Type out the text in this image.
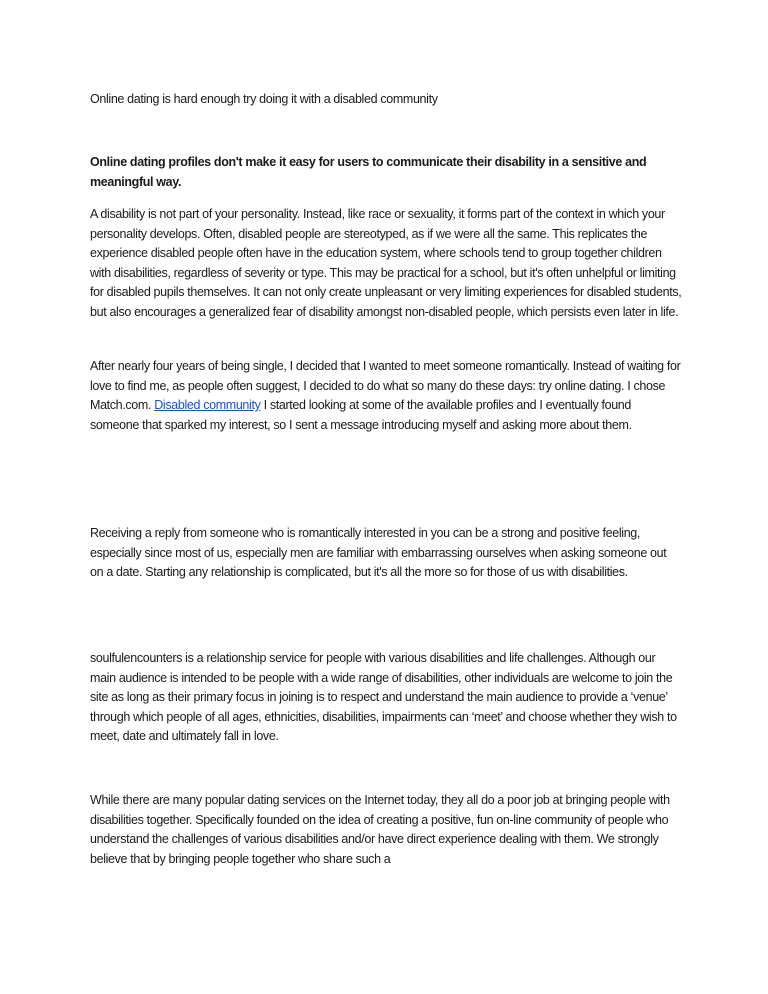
Online dating is hard enough try doing it with a disabled community

Online dating profiles don't make it easy for users to communicate their disability in a sensitive and meaningful way.

A disability is not part of your personality. Instead, like race or sexuality, it forms part of the context in which your personality develops. Often, disabled people are stereotyped, as if we were all the same. This replicates the experience disabled people often have in the education system, where schools tend to group together children with disabilities, regardless of severity or type. This may be practical for a school, but it's often unhelpful or limiting for disabled pupils themselves. It can not only create unpleasant or very limiting experiences for disabled students, but also encourages a generalized fear of disability amongst non-disabled people, which persists even later in life.

After nearly four years of being single, I decided that I wanted to meet someone romantically. Instead of waiting for love to find me, as people often suggest, I decided to do what so many do these days: try online dating. I chose Match.com. Disabled community I started looking at some of the available profiles and I eventually found someone that sparked my interest, so I sent a message introducing myself and asking more about them.

Receiving a reply from someone who is romantically interested in you can be a strong and positive feeling, especially since most of us, especially men are familiar with embarrassing ourselves when asking someone out on a date. Starting any relationship is complicated, but it's all the more so for those of us with disabilities.

soulfulencounters is a relationship service for people with various disabilities and life challenges. Although our main audience is intended to be people with a wide range of disabilities, other individuals are welcome to join the site as long as their primary focus in joining is to respect and understand the main audience to provide a ‘venue’ through which people of all ages, ethnicities, disabilities, impairments can ‘meet’ and choose whether they wish to meet, date and ultimately fall in love.

While there are many popular dating services on the Internet today, they all do a poor job at bringing people with disabilities together. Specifically founded on the idea of creating a positive, fun on-line community of people who understand the challenges of various disabilities and/or have direct experience dealing with them. We strongly believe that by bringing people together who share such a
